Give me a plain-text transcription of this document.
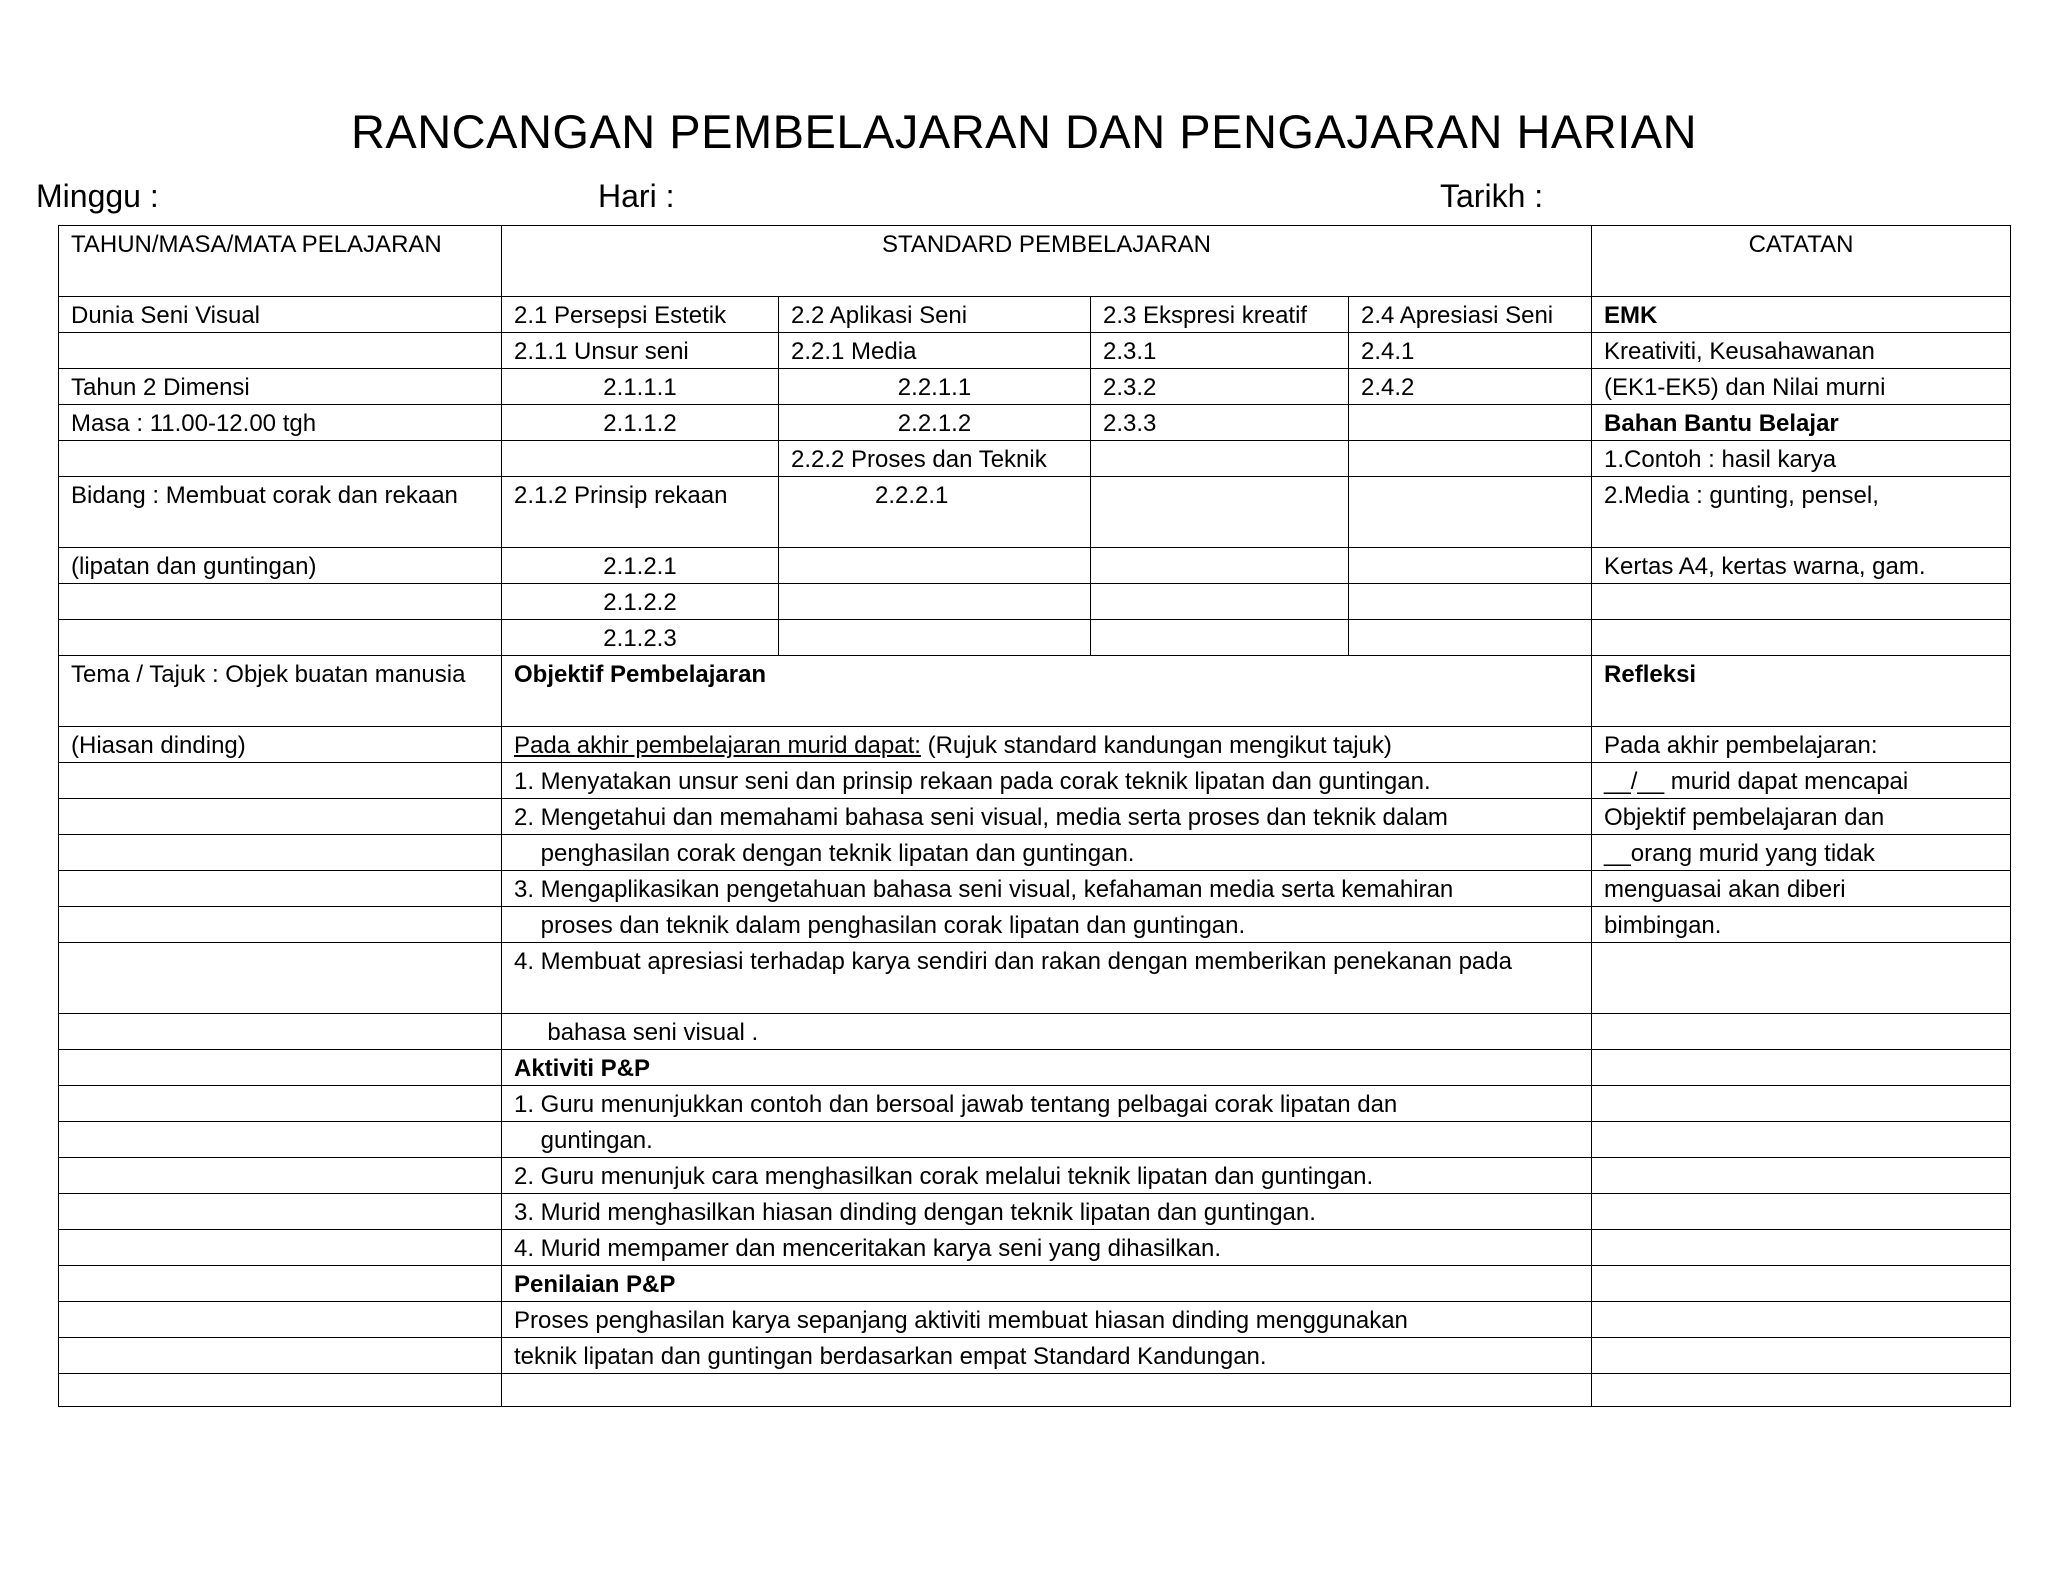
RANCANGAN PEMBELAJARAN DAN PENGAJARAN HARIAN
Minggu :	Hari :	Tarikh :
TAHUN/MASA/MATA PELAJARAN	STANDARD PEMBELAJARAN				CATATAN
Dunia Seni Visual	2.1 Persepsi Estetik	2.2 Aplikasi Seni	2.3 Ekspresi kreatif	2.4 Apresiasi Seni	EMK
	2.1.1 Unsur seni	2.2.1 Media	2.3.1	2.4.1	Kreativiti, Keusahawanan
Tahun 2 Dimensi	2.1.1.1	2.2.1.1	2.3.2	2.4.2	(EK1-EK5) dan Nilai murni
Masa : 11.00-12.00 tgh	2.1.1.2	2.2.1.2	2.3.3		Bahan Bantu Belajar
		2.2.2 Proses dan Teknik			1.Contoh : hasil karya
Bidang : Membuat corak dan rekaan	2.1.2 Prinsip rekaan	2.2.2.1			2.Media : gunting, pensel,
(lipatan dan guntingan)	2.1.2.1				Kertas A4, kertas warna, gam.
	2.1.2.2				
	2.1.2.3				
Tema / Tajuk : Objek buatan manusia	Objektif Pembelajaran				Refleksi
(Hiasan dinding)	Pada akhir pembelajaran murid dapat: (Rujuk standard kandungan mengikut tajuk)				Pada akhir pembelajaran:
	1. Menyatakan unsur seni dan prinsip rekaan pada corak teknik lipatan dan guntingan.				__/__ murid dapat mencapai
	2. Mengetahui dan memahami bahasa seni visual, media serta proses dan teknik dalam				Objektif pembelajaran dan
	penghasilan corak dengan teknik lipatan dan guntingan.				__orang murid yang tidak
	3. Mengaplikasikan pengetahuan bahasa seni visual, kefahaman media serta kemahiran				menguasai akan diberi
	proses dan teknik dalam penghasilan corak lipatan dan guntingan.				bimbingan.
	4. Membuat apresiasi terhadap karya sendiri dan rakan dengan memberikan penekanan pada				
	bahasa seni visual .				
	Aktiviti P&P				
	1. Guru menunjukkan contoh dan bersoal jawab tentang pelbagai corak lipatan dan				
	guntingan.				
	2. Guru menunjuk cara menghasilkan corak melalui teknik lipatan dan guntingan.				
	3. Murid menghasilkan hiasan dinding dengan teknik lipatan dan guntingan.				
	4. Murid mempamer dan menceritakan karya seni yang dihasilkan.				
	Penilaian P&P				
	Proses penghasilan karya sepanjang aktiviti membuat hiasan dinding menggunakan				
	teknik lipatan dan guntingan berdasarkan empat Standard Kandungan.				
